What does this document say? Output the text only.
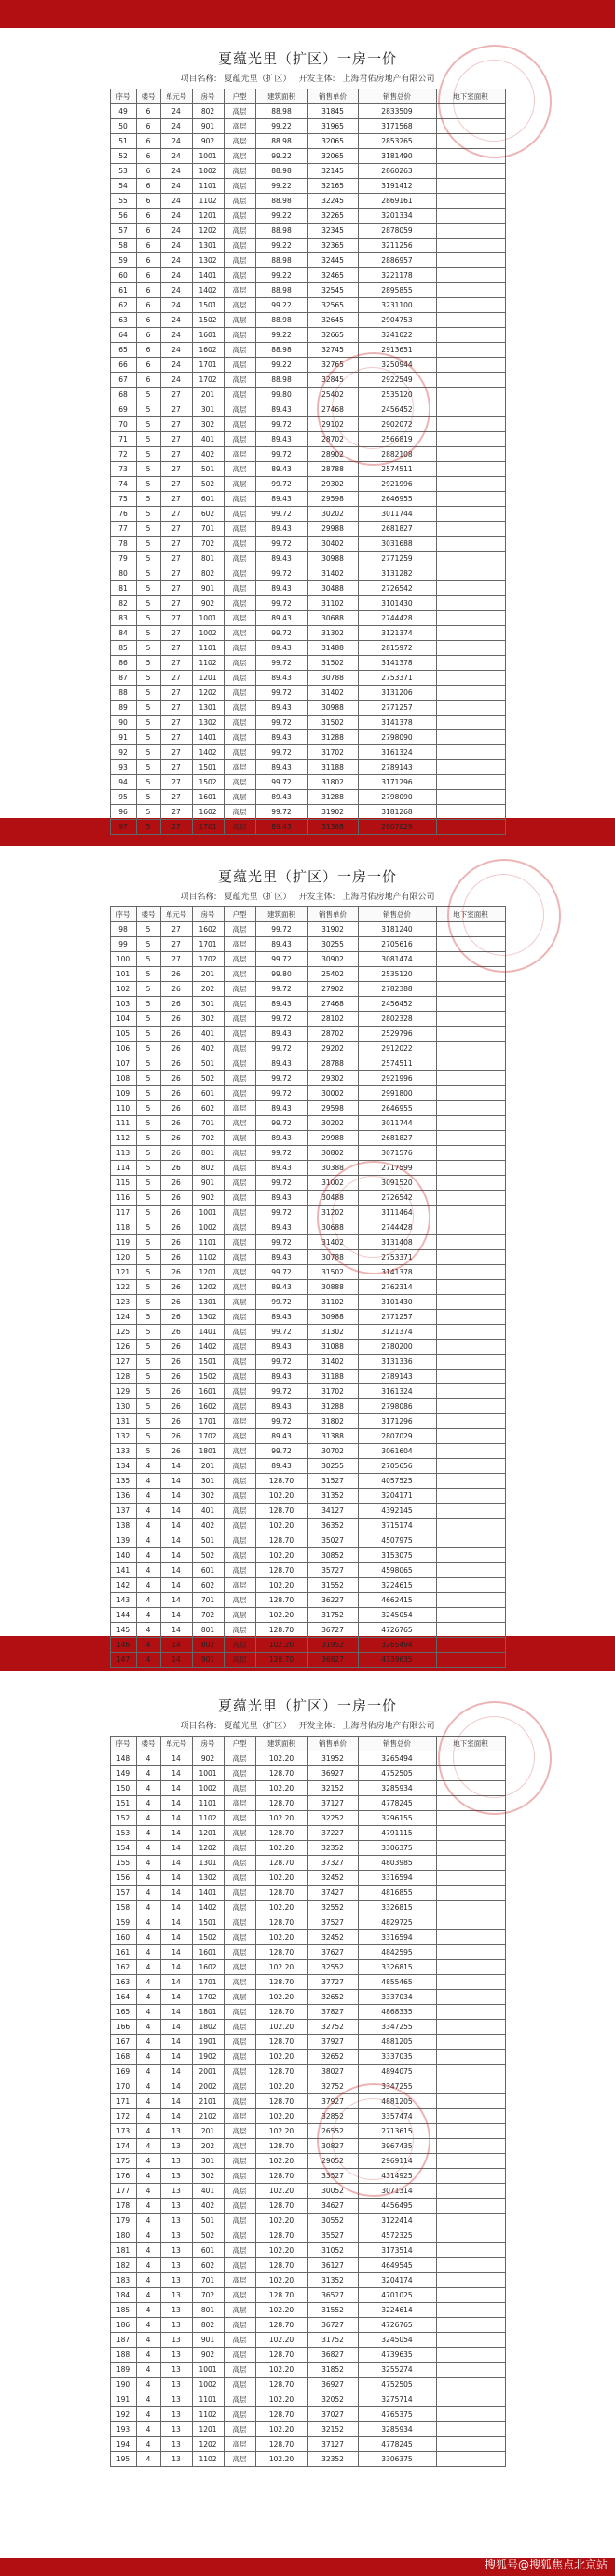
夏蕴光里（扩区）一房一价
项目名称: 夏蕴光里（扩区） 开发主体: 上海君佑房地产有限公司
序号	楼号	单元号	房号	户型	建筑面积	销售单价	销售总价	地下室面积
49	6	24	802	高层	88.98	31845	2833509	
50	6	24	901	高层	99.22	31965	3171568	
51	6	24	902	高层	88.98	32065	2853265	
52	6	24	1001	高层	99.22	32065	3181490	
53	6	24	1002	高层	88.98	32145	2860263	
54	6	24	1101	高层	99.22	32165	3191412	
55	6	24	1102	高层	88.98	32245	2869161	
56	6	24	1201	高层	99.22	32265	3201334	
57	6	24	1202	高层	88.98	32345	2878059	
58	6	24	1301	高层	99.22	32365	3211256	
59	6	24	1302	高层	88.98	32445	2886957	
60	6	24	1401	高层	99.22	32465	3221178	
61	6	24	1402	高层	88.98	32545	2895855	
62	6	24	1501	高层	99.22	32565	3231100	
63	6	24	1502	高层	88.98	32645	2904753	
64	6	24	1601	高层	99.22	32665	3241022	
65	6	24	1602	高层	88.98	32745	2913651	
66	6	24	1701	高层	99.22	32765	3250944	
67	6	24	1702	高层	88.98	32845	2922549	
68	5	27	201	高层	99.80	25402	2535120	
69	5	27	301	高层	89.43	27468	2456452	
70	5	27	302	高层	99.72	29102	2902072	
71	5	27	401	高层	89.43	28702	2566819	
72	5	27	402	高层	99.72	28902	2882108	
73	5	27	501	高层	89.43	28788	2574511	
74	5	27	502	高层	99.72	29302	2921996	
75	5	27	601	高层	89.43	29598	2646955	
76	5	27	602	高层	99.72	30202	3011744	
77	5	27	701	高层	89.43	29988	2681827	
78	5	27	702	高层	99.72	30402	3031688	
79	5	27	801	高层	89.43	30988	2771259	
80	5	27	802	高层	99.72	31402	3131282	
81	5	27	901	高层	89.43	30488	2726542	
82	5	27	902	高层	99.72	31102	3101430	
83	5	27	1001	高层	89.43	30688	2744428	
84	5	27	1002	高层	99.72	31302	3121374	
85	5	27	1101	高层	89.43	31488	2815972	
86	5	27	1102	高层	99.72	31502	3141378	
87	5	27	1201	高层	89.43	30788	2753371	
88	5	27	1202	高层	99.72	31402	3131206	
89	5	27	1301	高层	89.43	30988	2771257	
90	5	27	1302	高层	99.72	31502	3141378	
91	5	27	1401	高层	89.43	31288	2798090	
92	5	27	1402	高层	99.72	31702	3161324	
93	5	27	1501	高层	89.43	31188	2789143	
94	5	27	1502	高层	99.72	31802	3171296	
95	5	27	1601	高层	89.43	31288	2798090	
96	5	27	1602	高层	99.72	31902	3181268	
97	5	27	1701	高层	89.43	31388	2807029	
夏蕴光里（扩区）一房一价
项目名称: 夏蕴光里（扩区） 开发主体: 上海君佑房地产有限公司
序号	楼号	单元号	房号	户型	建筑面积	销售单价	销售总价	地下室面积
98	5	27	1602	高层	99.72	31902	3181240	
99	5	27	1701	高层	89.43	30255	2705616	
100	5	27	1702	高层	99.72	30902	3081474	
101	5	26	201	高层	99.80	25402	2535120	
102	5	26	202	高层	99.72	27902	2782388	
103	5	26	301	高层	89.43	27468	2456452	
104	5	26	302	高层	99.72	28102	2802328	
105	5	26	401	高层	89.43	28702	2529796	
106	5	26	402	高层	99.72	29202	2912022	
107	5	26	501	高层	89.43	28788	2574511	
108	5	26	502	高层	99.72	29302	2921996	
109	5	26	601	高层	99.72	30002	2991800	
110	5	26	602	高层	89.43	29598	2646955	
111	5	26	701	高层	99.72	30202	3011744	
112	5	26	702	高层	89.43	29988	2681827	
113	5	26	801	高层	99.72	30802	3071576	
114	5	26	802	高层	89.43	30388	2717599	
115	5	26	901	高层	99.72	31002	3091520	
116	5	26	902	高层	89.43	30488	2726542	
117	5	26	1001	高层	99.72	31202	3111464	
118	5	26	1002	高层	89.43	30688	2744428	
119	5	26	1101	高层	99.72	31402	3131408	
120	5	26	1102	高层	89.43	30788	2753371	
121	5	26	1201	高层	99.72	31502	3141378	
122	5	26	1202	高层	89.43	30888	2762314	
123	5	26	1301	高层	99.72	31102	3101430	
124	5	26	1302	高层	89.43	30988	2771257	
125	5	26	1401	高层	99.72	31302	3121374	
126	5	26	1402	高层	89.43	31088	2780200	
127	5	26	1501	高层	99.72	31402	3131336	
128	5	26	1502	高层	89.43	31188	2789143	
129	5	26	1601	高层	99.72	31702	3161324	
130	5	26	1602	高层	89.43	31288	2798086	
131	5	26	1701	高层	99.72	31802	3171296	
132	5	26	1702	高层	89.43	31388	2807029	
133	5	26	1801	高层	99.72	30702	3061604	
134	4	14	201	高层	89.43	30255	2705656	
135	4	14	301	高层	128.70	31527	4057525	
136	4	14	302	高层	102.20	31352	3204171	
137	4	14	401	高层	128.70	34127	4392145	
138	4	14	402	高层	102.20	36352	3715174	
139	4	14	501	高层	128.70	35027	4507975	
140	4	14	502	高层	102.20	30852	3153075	
141	4	14	601	高层	128.70	35727	4598065	
142	4	14	602	高层	102.20	31552	3224615	
143	4	14	701	高层	128.70	36227	4662415	
144	4	14	702	高层	102.20	31752	3245054	
145	4	14	801	高层	128.70	36727	4726765	
146	4	14	802	高层	102.20	31952	3265494	
147	4	14	901	高层	128.70	36827	4739635	
夏蕴光里（扩区）一房一价
项目名称: 夏蕴光里（扩区） 开发主体: 上海君佑房地产有限公司
序号	楼号	单元号	房号	户型	建筑面积	销售单价	销售总价	地下室面积
148	4	14	902	高层	102.20	31952	3265494	
149	4	14	1001	高层	128.70	36927	4752505	
150	4	14	1002	高层	102.20	32152	3285934	
151	4	14	1101	高层	128.70	37127	4778245	
152	4	14	1102	高层	102.20	32252	3296155	
153	4	14	1201	高层	128.70	37227	4791115	
154	4	14	1202	高层	102.20	32352	3306375	
155	4	14	1301	高层	128.70	37327	4803985	
156	4	14	1302	高层	102.20	32452	3316594	
157	4	14	1401	高层	128.70	37427	4816855	
158	4	14	1402	高层	102.20	32552	3326815	
159	4	14	1501	高层	128.70	37527	4829725	
160	4	14	1502	高层	102.20	32452	3316594	
161	4	14	1601	高层	128.70	37627	4842595	
162	4	14	1602	高层	102.20	32552	3326815	
163	4	14	1701	高层	128.70	37727	4855465	
164	4	14	1702	高层	102.20	32652	3337034	
165	4	14	1801	高层	128.70	37827	4868335	
166	4	14	1802	高层	102.20	32752	3347255	
167	4	14	1901	高层	128.70	37927	4881205	
168	4	14	1902	高层	102.20	32652	3337035	
169	4	14	2001	高层	128.70	38027	4894075	
170	4	14	2002	高层	102.20	32752	3347255	
171	4	14	2101	高层	128.70	37927	4881205	
172	4	14	2102	高层	102.20	32852	3357474	
173	4	13	201	高层	102.20	26552	2713615	
174	4	13	202	高层	128.70	30827	3967435	
175	4	13	301	高层	102.20	29052	2969114	
176	4	13	302	高层	128.70	33527	4314925	
177	4	13	401	高层	102.20	30052	3071314	
178	4	13	402	高层	128.70	34627	4456495	
179	4	13	501	高层	102.20	30552	3122414	
180	4	13	502	高层	128.70	35527	4572325	
181	4	13	601	高层	102.20	31052	3173514	
182	4	13	602	高层	128.70	36127	4649545	
183	4	13	701	高层	102.20	31352	3204174	
184	4	13	702	高层	128.70	36527	4701025	
185	4	13	801	高层	102.20	31552	3224614	
186	4	13	802	高层	128.70	36727	4726765	
187	4	13	901	高层	102.20	31752	3245054	
188	4	13	902	高层	128.70	36827	4739635	
189	4	13	1001	高层	102.20	31852	3255274	
190	4	13	1002	高层	128.70	36927	4752505	
191	4	13	1101	高层	102.20	32052	3275714	
192	4	13	1102	高层	128.70	37027	4765375	
193	4	13	1201	高层	102.20	32152	3285934	
194	4	13	1202	高层	128.70	37127	4778245	
195	4	13	1102	高层	102.20	32352	3306375	
搜狐号@搜狐焦点北京站
